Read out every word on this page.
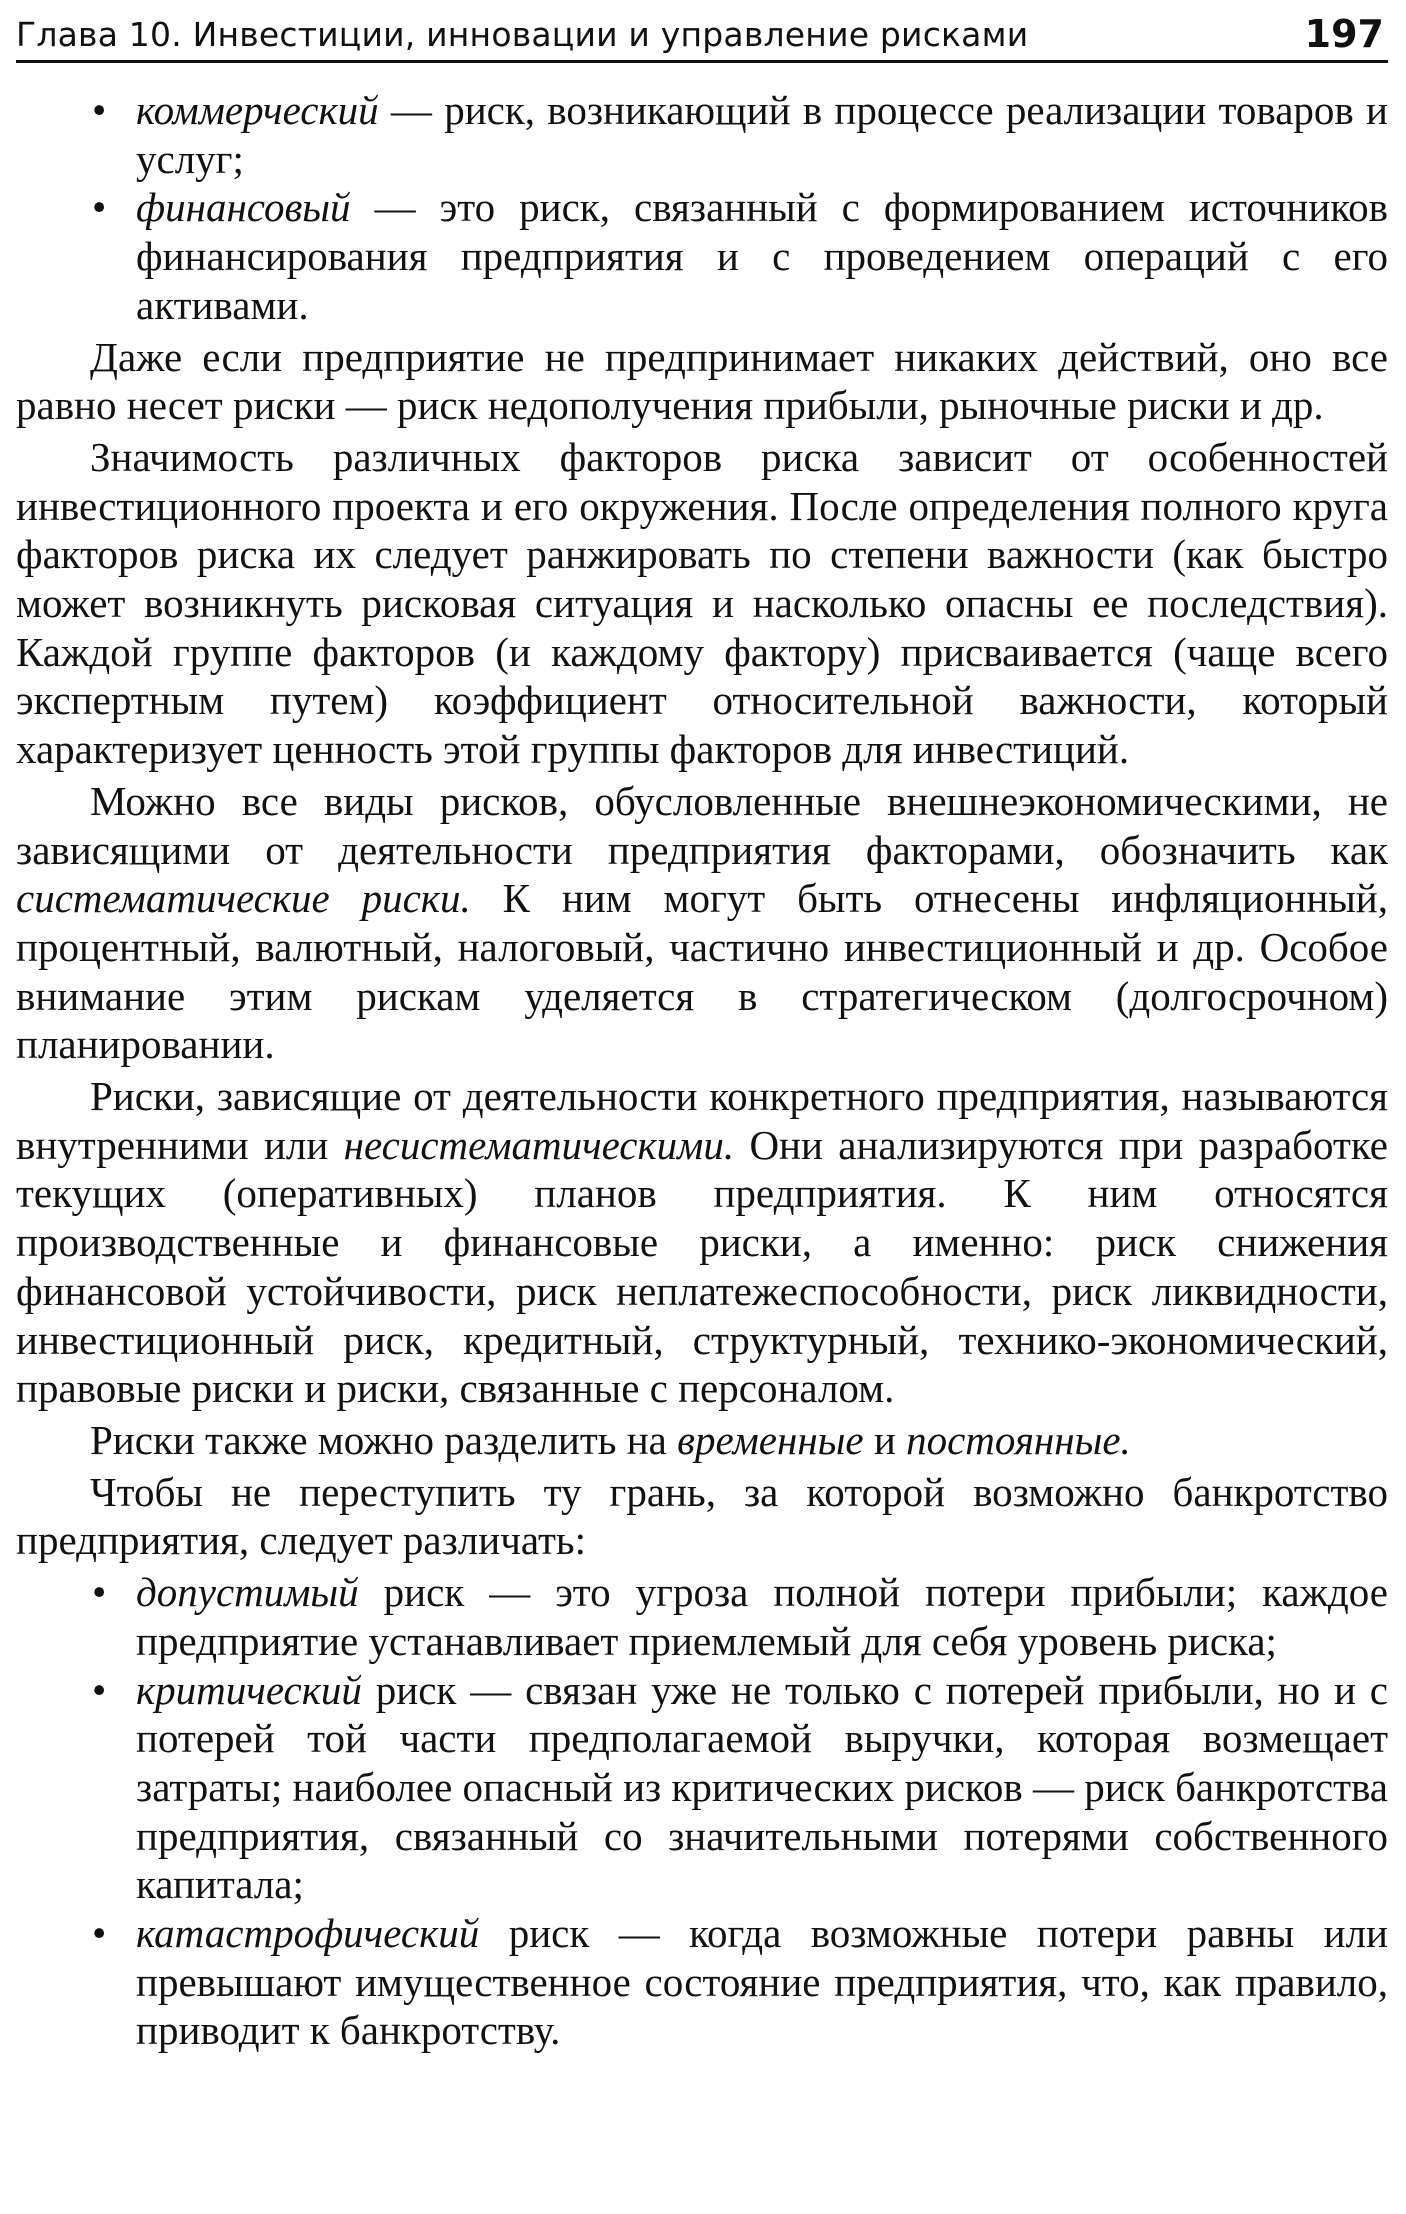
Глава 10. Инвестиции, инновации и управление рисками	197
• коммерческий — риск, возникающий в процессе реализации товаров и услуг;
• финансовый — это риск, связанный с формированием источников финансирования предприятия и с проведением операций с его активами.

Даже если предприятие не предпринимает никаких действий, оно все равно несет риски — риск недополучения прибыли, рыночные риски и др.

Значимость различных факторов риска зависит от особенностей инвестиционного проекта и его окружения. После определения полного круга факторов риска их следует ранжировать по степени важности (как быстро может возникнуть рисковая ситуация и насколько опасны ее последствия). Каждой группе факторов (и каждому фактору) присваивается (чаще всего экспертным путем) коэффициент относительной важности, который характеризует ценность этой группы факторов для инвестиций.

Можно все виды рисков, обусловленные внешнеэкономическими, не зависящими от деятельности предприятия факторами, обозначить как систематические риски. К ним могут быть отнесены инфляционный, процентный, валютный, налоговый, частично инвестиционный и др. Особое внимание этим рискам уделяется в стратегическом (долгосрочном) планировании.

Риски, зависящие от деятельности конкретного предприятия, называются внутренними или несистематическими. Они анализируются при разработке текущих (оперативных) планов предприятия. К ним относятся производственные и финансовые риски, а именно: риск снижения финансовой устойчивости, риск неплатежеспособности, риск ликвидности, инвестиционный риск, кредитный, структурный, технико-экономический, правовые риски и риски, связанные с персоналом.

Риски также можно разделить на временные и постоянные.

Чтобы не переступить ту грань, за которой возможно банкротство предприятия, следует различать:

• допустимый риск — это угроза полной потери прибыли; каждое предприятие устанавливает приемлемый для себя уровень риска;
• критический риск — связан уже не только с потерей прибыли, но и с потерей той части предполагаемой выручки, которая возмещает затраты; наиболее опасный из критических рисков — риск банкротства предприятия, связанный со значительными потерями собственного капитала;
• катастрофический риск — когда возможные потери равны или превышают имущественное состояние предприятия, что, как правило, приводит к банкротству.
